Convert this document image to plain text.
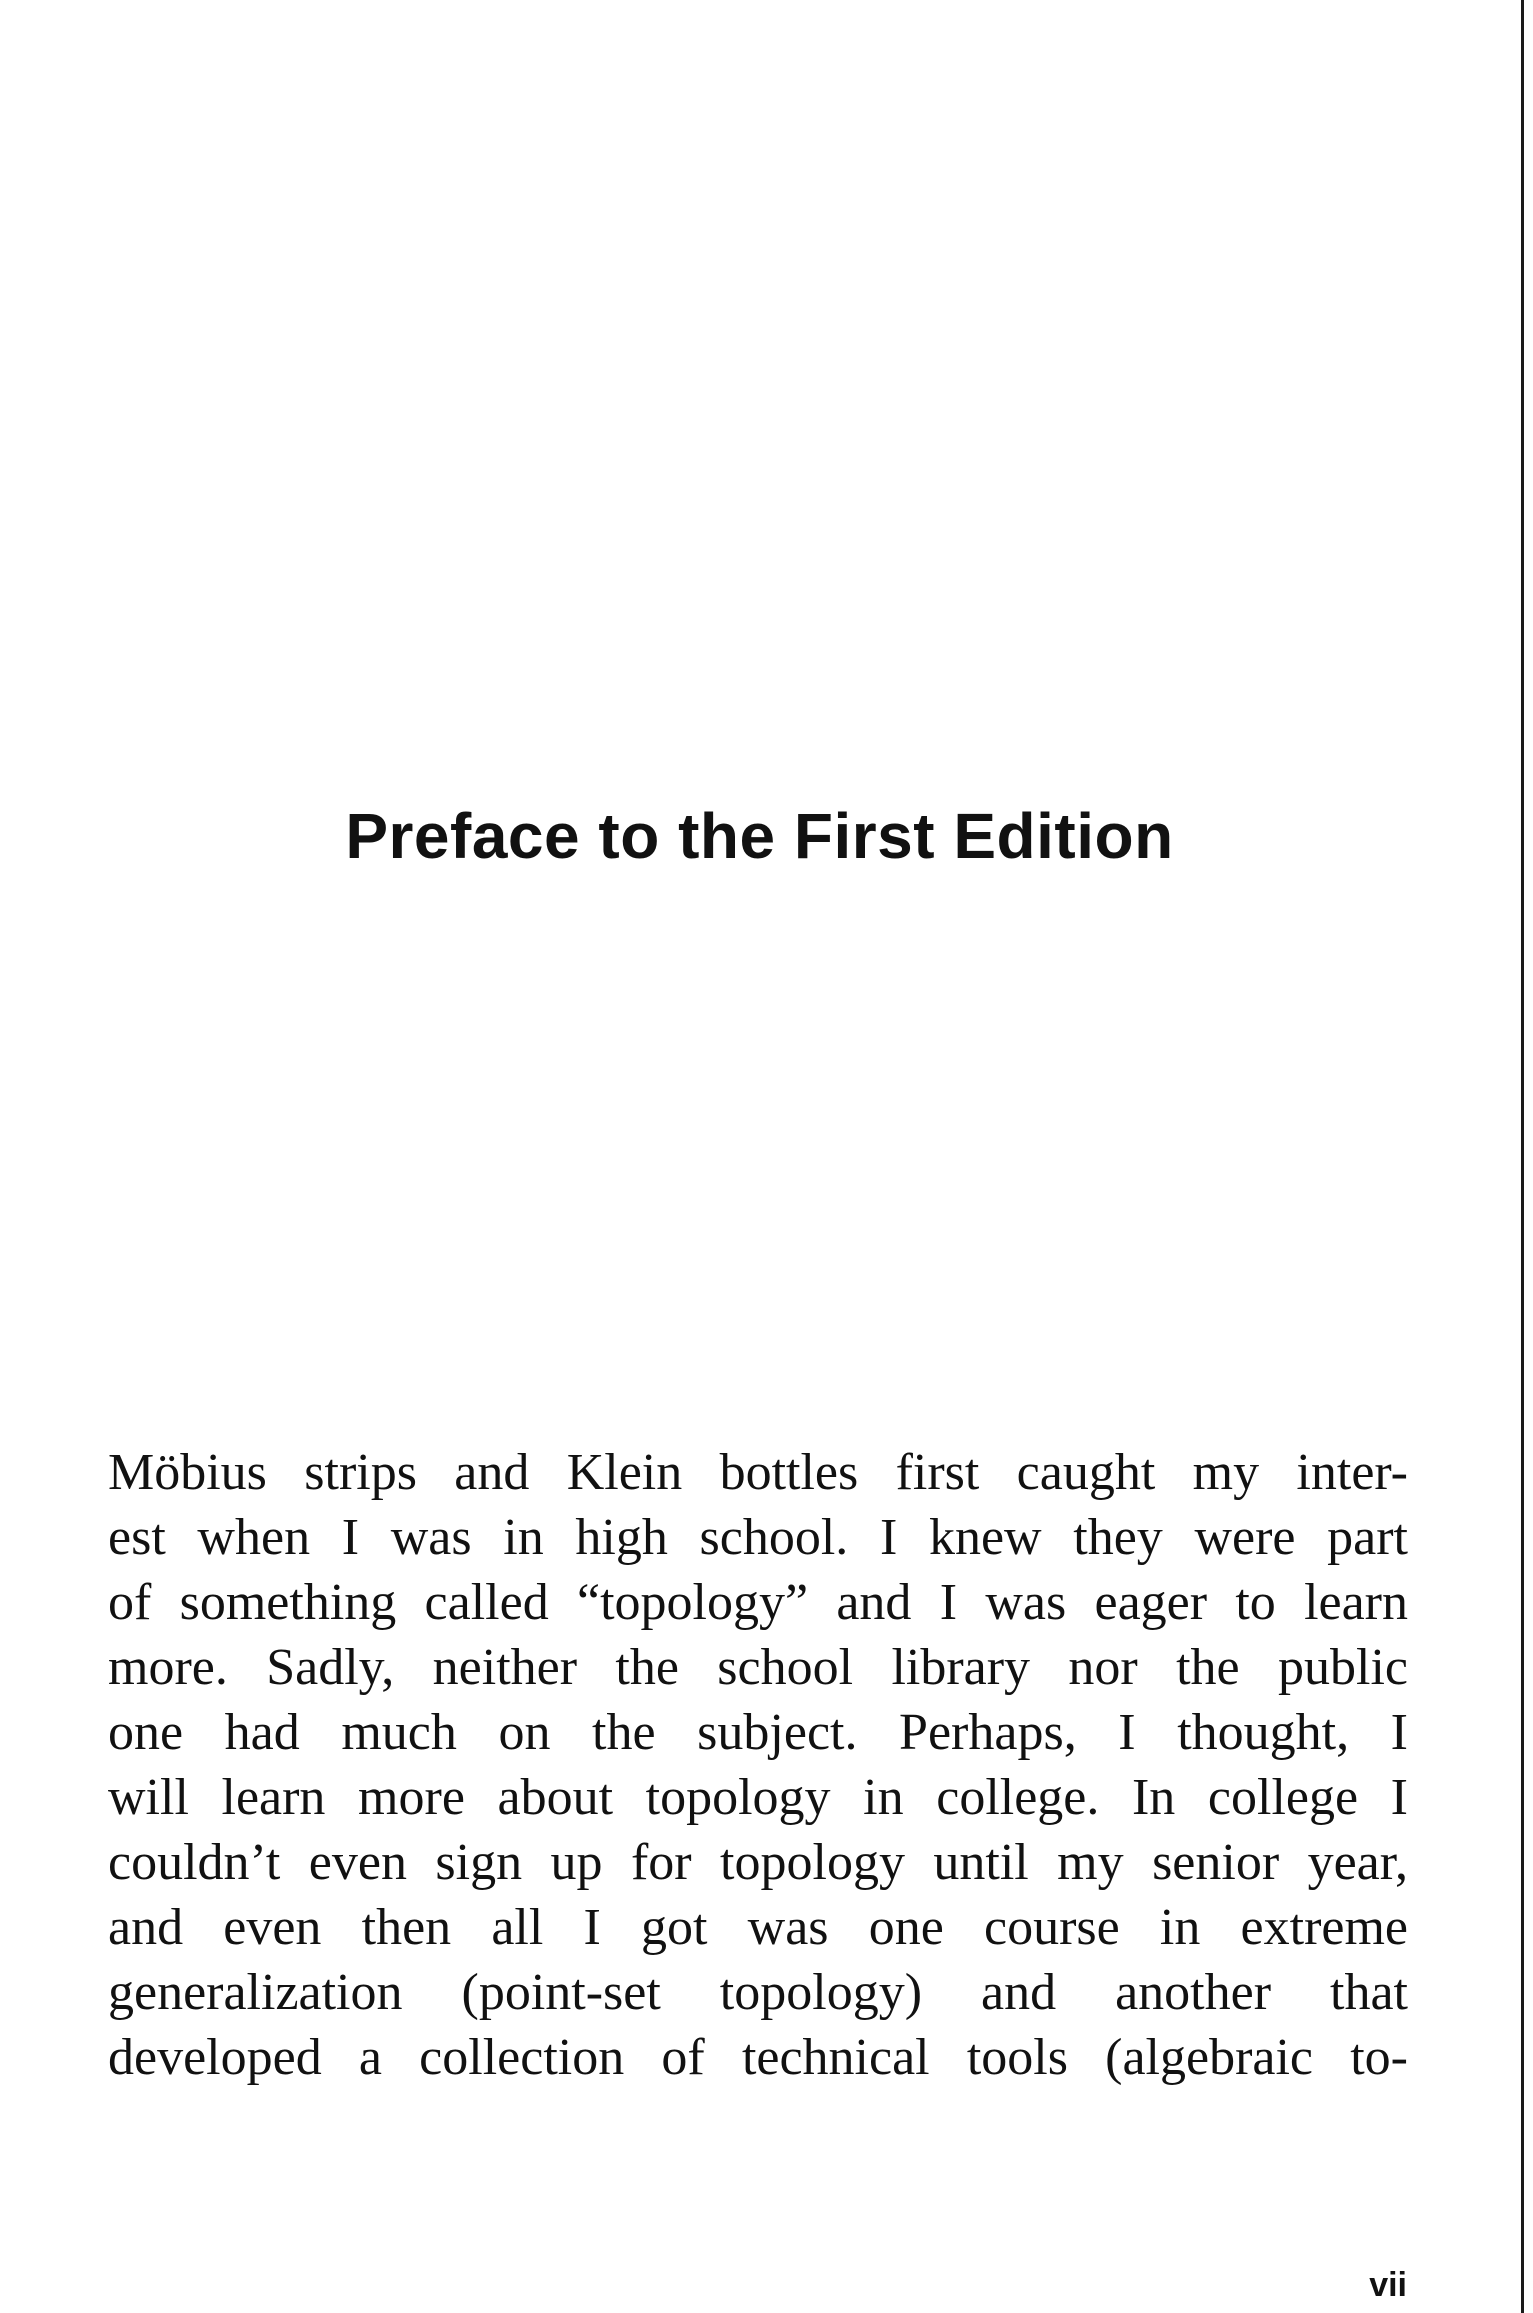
Preface to the First Edition
Möbius strips and Klein bottles first caught my inter-
est when I was in high school. I knew they were part
of something called “topology” and I was eager to learn
more. Sadly, neither the school library nor the public
one had much on the subject. Perhaps, I thought, I
will learn more about topology in college. In college I
couldn’t even sign up for topology until my senior year,
and even then all I got was one course in extreme
generalization (point-set topology) and another that
developed a collection of technical tools (algebraic to-
vii
